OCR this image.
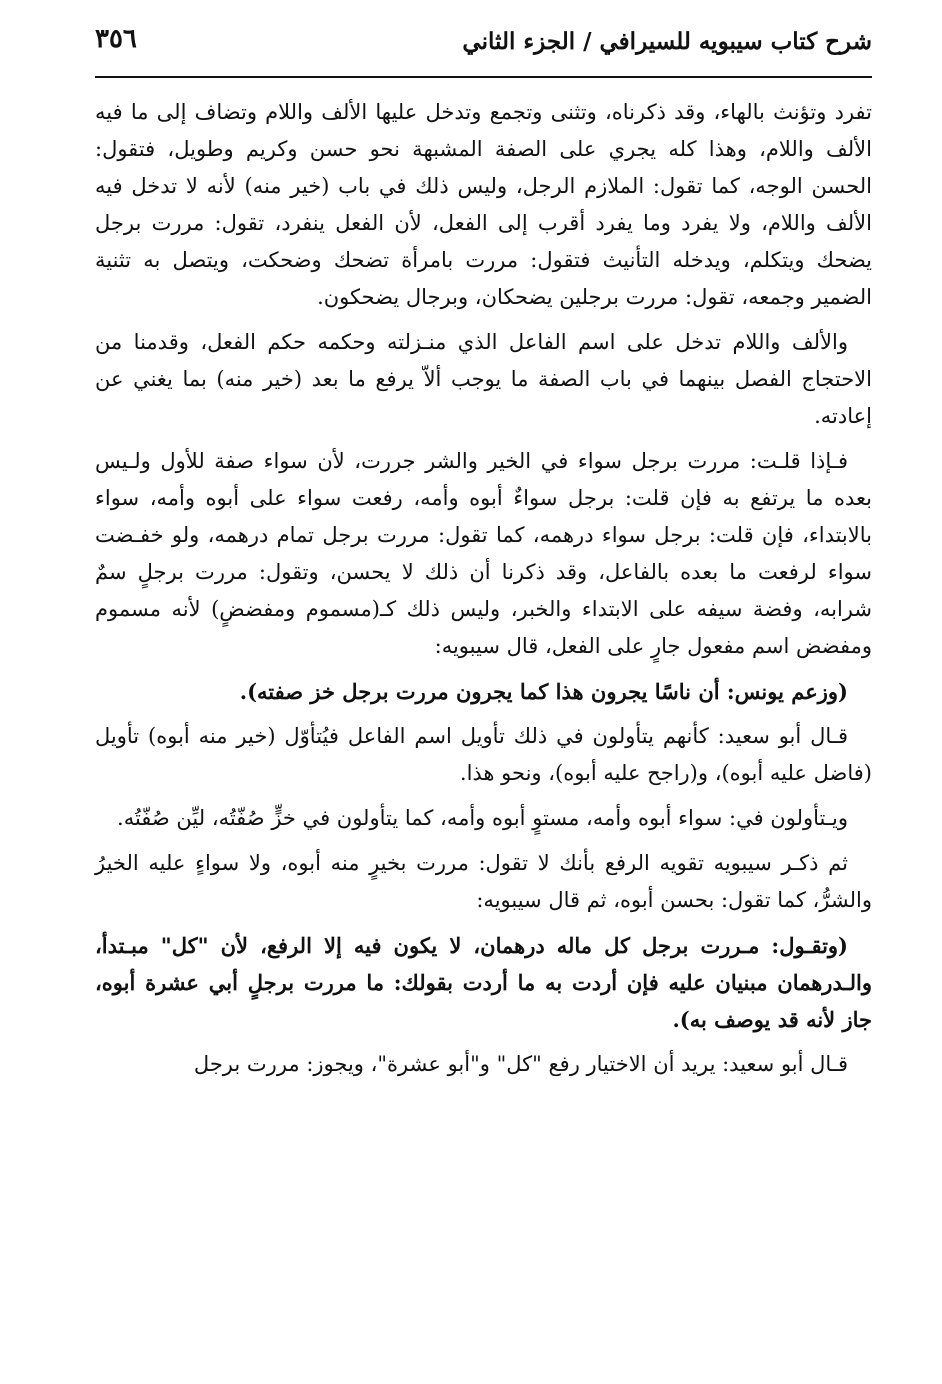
شرح كتاب سيبويه للسيرافي / الجزء الثاني
٣٥٦

تفرد وتؤنث بالهاء، وقد ذكرناه، وتثنى وتجمع وتدخل عليها الألف واللام وتضاف إلى ما فيه الألف واللام، وهذا كله يجري على الصفة المشبهة نحو حسن وكريم وطويل، فتقول: الحسن الوجه، كما تقول: الملازم الرجل، وليس ذلك في باب (خير منه) لأنه لا تدخل فيه الألف واللام، ولا يفرد وما يفرد أقرب إلى الفعل، لأن الفعل ينفرد، تقول: مررت برجل يضحك ويتكلم، ويدخله التأنيث فتقول: مررت بامرأة تضحك وضحكت، ويتصل به تثنية الضمير وجمعه، تقول: مررت برجلين يضحكان، وبرجال يضحكون.

والألف واللام تدخل على اسم الفاعل الذي منـزلته وحكمه حكم الفعل، وقدمنا من الاحتجاج الفصل بينهما في باب الصفة ما يوجب ألاّ يرفع ما بعد (خير منه) بما يغني عن إعادته.

فـإذا قلـت: مررت برجل سواء في الخير والشر جررت، لأن سواء صفة للأول ولـيس بعده ما يرتفع به فإن قلت: برجل سواءٌ أبوه وأمه، رفعت سواء على أبوه وأمه، سواء بالابتداء، فإن قلت: برجل سواء درهمه، كما تقول: مررت برجل تمام درهمه، ولو خفـضت سواء لرفعت ما بعده بالفاعل، وقد ذكرنا أن ذلك لا يحسن، وتقول: مررت برجلٍ سمٌ شرابه، وفضة سيفه على الابتداء والخبر، وليس ذلك كـ(مسموم ومفضضٍ) لأنه مسموم ومفضض اسم مفعول جارٍ على الفعل، قال سيبويه:

(وزعم يونس: أن ناسًا يجرون هذا كما يجرون مررت برجل خز صفته).

قـال أبو سعيد: كأنهم يتأولون في ذلك تأويل اسم الفاعل فيُتأوّل (خير منه أبوه) تأويل (فاضل عليه أبوه)، و(راجح عليه أبوه)، ونحو هذا.

ويـتأولون في: سواء أبوه وأمه، مستوٍ أبوه وأمه، كما يتأولون في خزٍّ صُفّتُه، ليِّن صُفّتُه.

ثم ذكـر سيبويه تقويه الرفع بأنك لا تقول: مررت بخيرٍ منه أبوه، ولا سواءٍ عليه الخيرُ والشرُّ، كما تقول: بحسن أبوه، ثم قال سيبويه:

(وتقـول: مـررت برجل كل ماله درهمان، لا يكون فيه إلا الرفع، لأن "كل" مبـتدأ، والـدرهمان مبنيان عليه فإن أردت به ما أردت بقولك: ما مررت برجلٍ أبي عشرة أبوه، جاز لأنه قد يوصف به).

قـال أبو سعيد: يريد أن الاختيار رفع "كل" و"أبو عشرة"، ويجوز: مررت برجل
